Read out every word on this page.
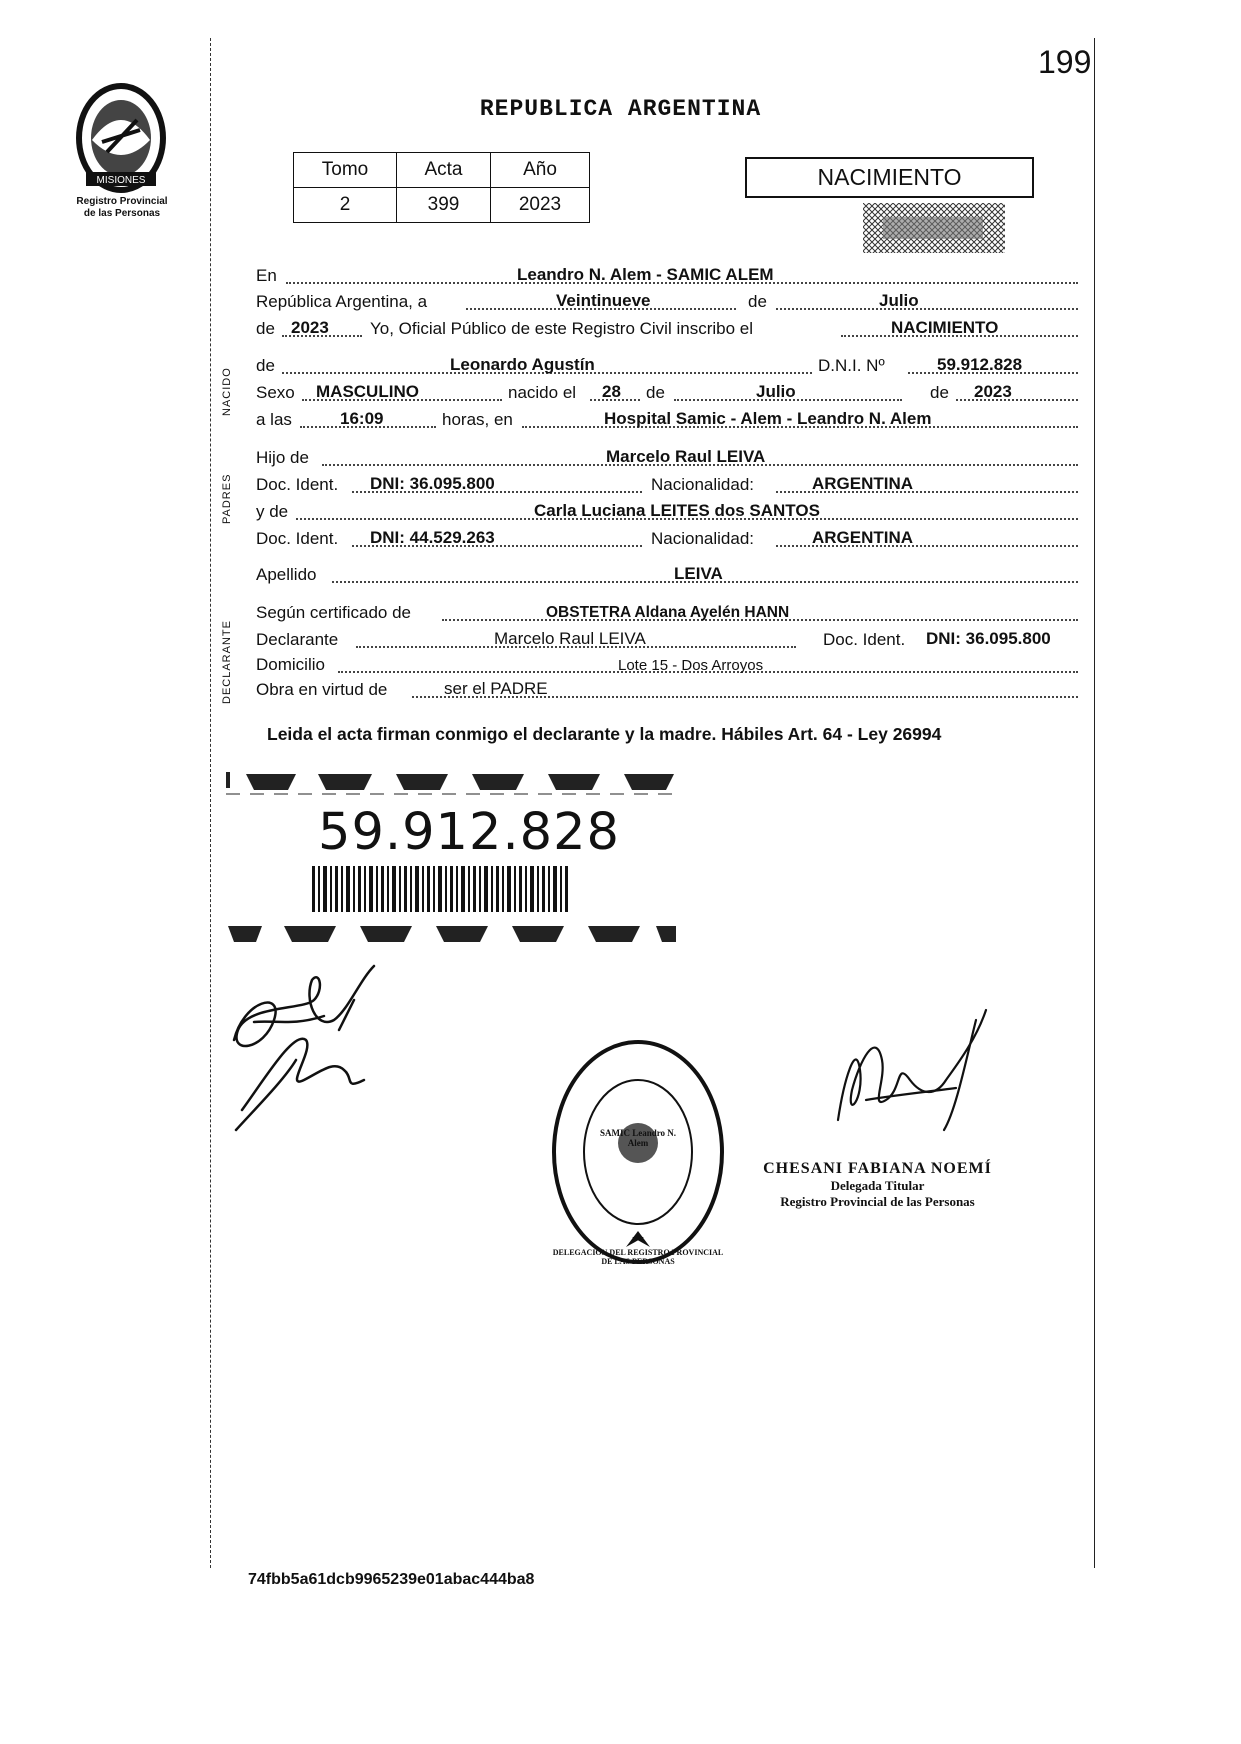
MISIONES
Registro Provincial
de las Personas
199
REPUBLICA ARGENTINA
Tomo	Acta	Año
2	399	2023
NACIMIENTO
En	Leandro N. Alem - SAMIC ALEM
República Argentina, a	Veintinueve	de	Julio
de 2023 Yo, Oficial Público de este Registro Civil inscribo el	NACIMIENTO
de	Leonardo Agustín	D.N.I. Nº	59.912.828
Sexo MASCULINO	nacido el 28 de	Julio	de 2023
a las	16:09	horas, en	Hospital Samic - Alem - Leandro N. Alem
Hijo de	Marcelo Raul LEIVA
Doc. Ident. DNI: 36.095.800	Nacionalidad:	ARGENTINA
y de	Carla Luciana LEITES dos SANTOS
Doc. Ident. DNI: 44.529.263	Nacionalidad:	ARGENTINA
Apellido	LEIVA
Según certificado de	OBSTETRA Aldana Ayelén HANN
Declarante	Marcelo Raul LEIVA	Doc. Ident. DNI: 36.095.800
Domicilio	Lote 15 - Dos Arroyos
Obra en virtud de	ser el PADRE
NACIDO
PADRES
DECLARANTE
Leida el acta firman conmigo el declarante y la madre. Hábiles Art. 64 - Ley 26994
59.912.828
SAMIC Leandro N. Alem
DELEGACION DEL REGISTRO PROVINCIAL DE LAS PERSONAS
CHESANI FABIANA NOEMÍ
Delegada Titular
Registro Provincial de las Personas
74fbb5a61dcb9965239e01abac444ba8
